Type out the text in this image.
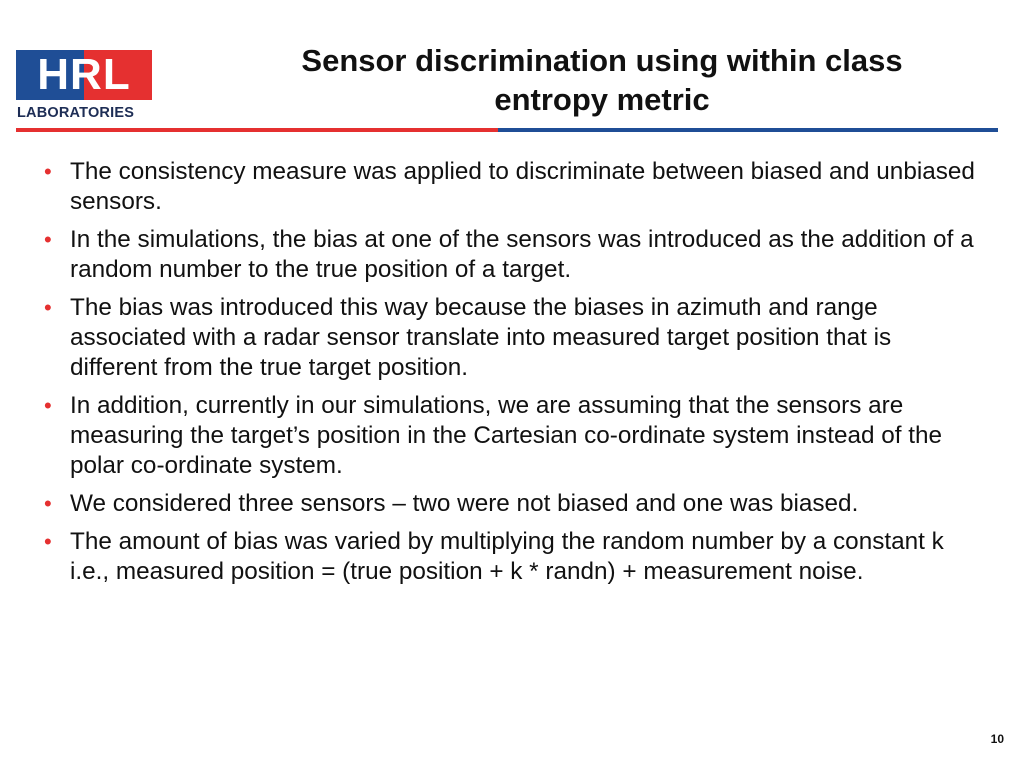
HRL
LABORATORIES
Sensor discrimination using within class entropy metric
• The consistency measure was applied to discriminate between biased and unbiased sensors.
• In the simulations, the bias at one of the sensors was introduced as the addition of a random number to the true position of a target.
• The bias was introduced this way because the biases in azimuth and range associated with a radar sensor translate into measured target position that is different from the true target position.
• In addition, currently in our simulations, we are assuming that the sensors are measuring the target’s position in the Cartesian co-ordinate system instead of the polar co-ordinate system.
• We considered three sensors – two were not biased and one was biased.
• The amount of bias was varied by multiplying the random number by a constant k i.e., measured position = (true position + k * randn) + measurement noise.
10
